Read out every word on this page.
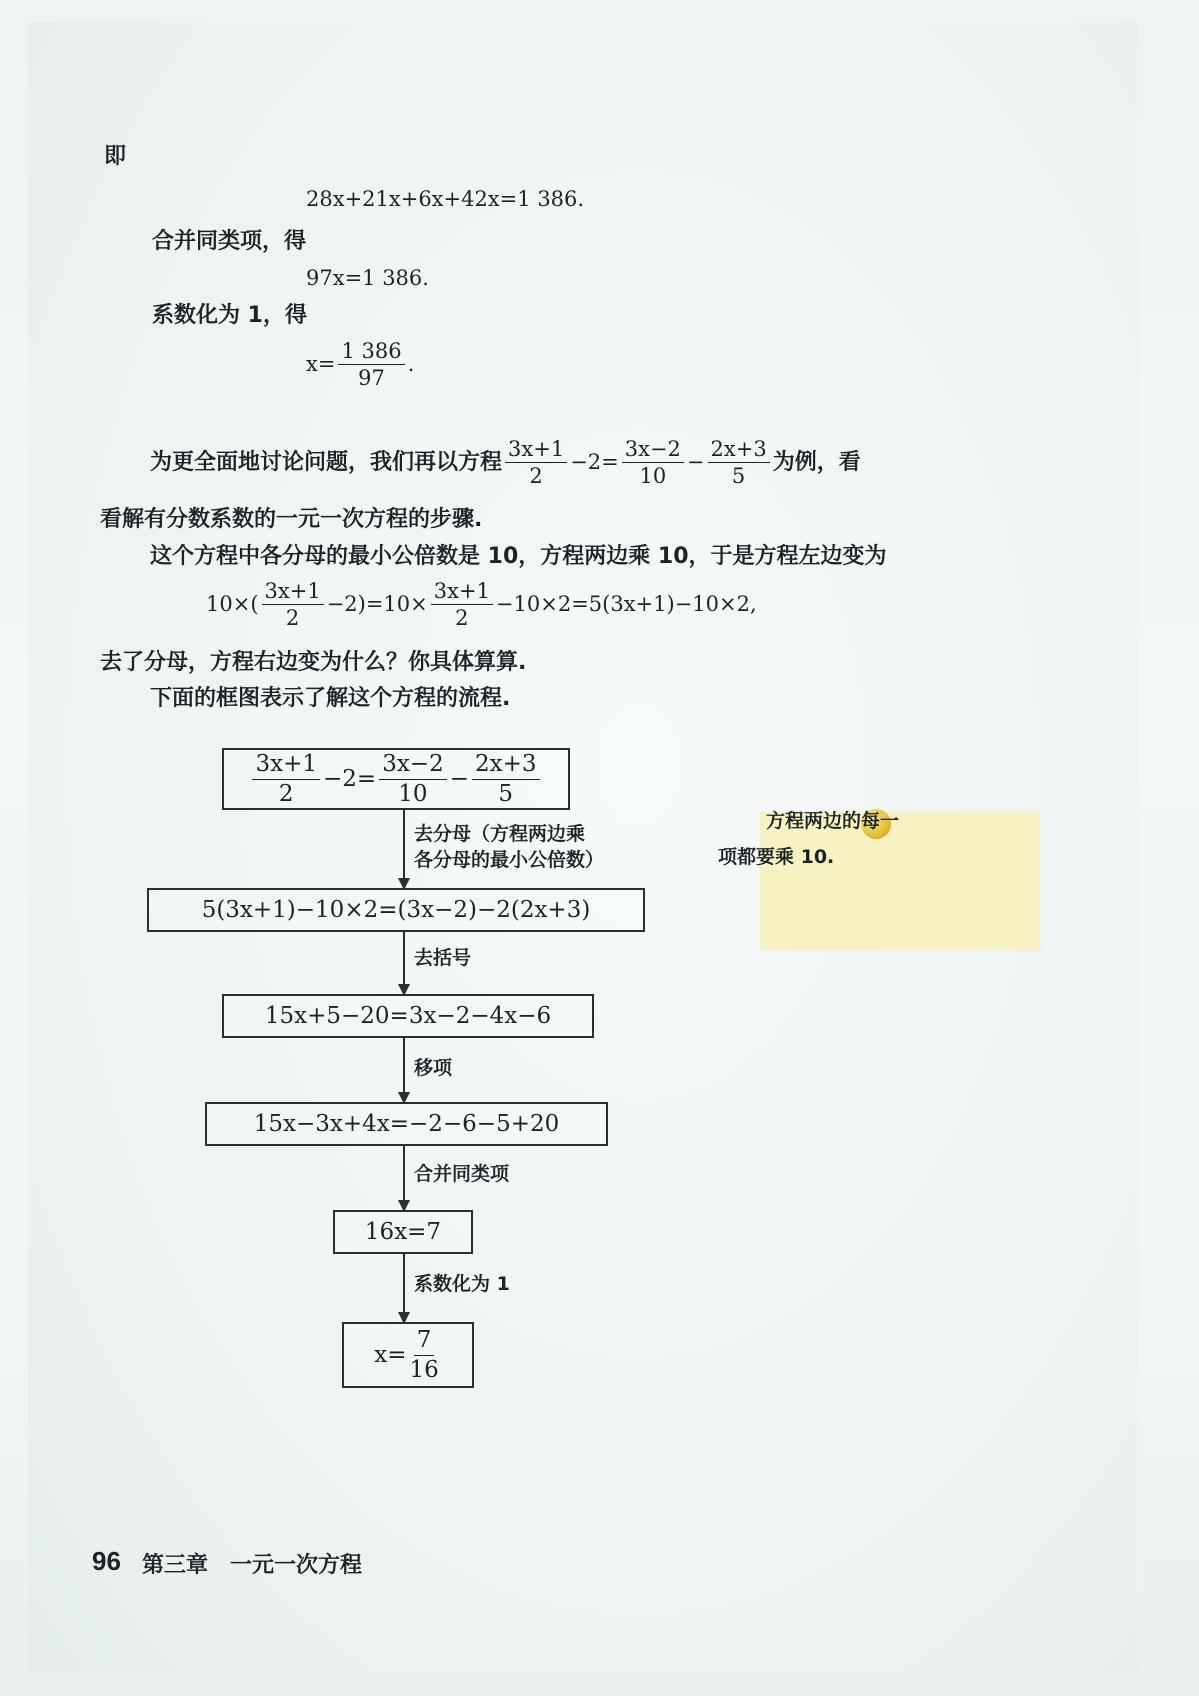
即
28x+21x+6x+42x=1 386.
合并同类项，得
97x=1 386.
系数化为 1，得
$x= \frac{1 386}{97}$ .
为更全面地讨论问题，我们再以方程 $\frac{3x+1}{2} -2= \frac{3x-2}{10} - \frac{2x+3}{5}$ 为例，看
看解有分数系数的一元一次方程的步骤.
这个方程中各分母的最小公倍数是 10，方程两边乘 10，于是方程左边变为
$10\times( \frac{3x+1}{2} -2)=10\times \frac{3x+1}{2} -10\times 2=5(3x+1)-10\times 2$,
去了分母，方程右边变为什么？你具体算算.
下面的框图表示了解这个方程的流程.
$\frac{3x+1}{2} -2= \frac{3x-2}{10} - \frac{2x+3}{5}$
去分母（方程两边乘
各分母的最小公倍数）
5(3x+1)−10×2=(3x−2)−2(2x+3)
去括号
15x+5−20=3x−2−4x−6
移项
15x−3x+4x=−2−6−5+20
合并同类项
16x=7
系数化为 1
$x= \frac{7}{16}$
方程两边的每一
项都要乘 10.
96 第三章　一元一次方程
